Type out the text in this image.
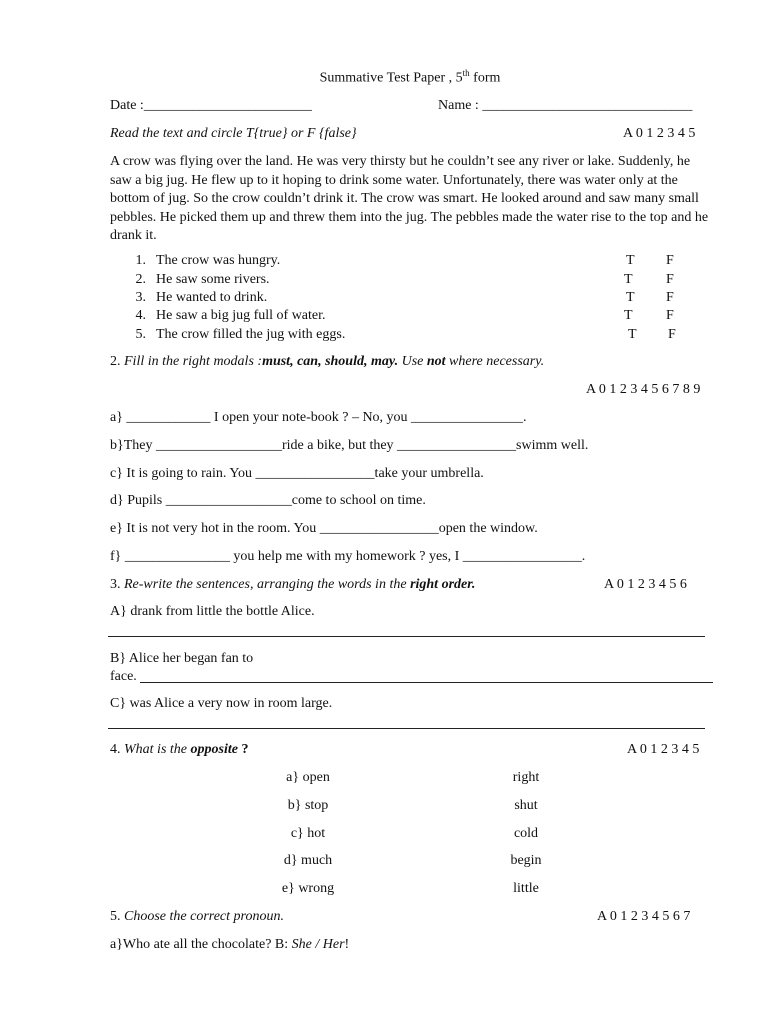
Summative Test Paper , 5th form
Date :________________________	Name : ______________________________
Read the text and circle T{true} or F {false}	A 0 1 2 3 4 5
A crow was flying over the land. He was very thirsty but he couldn’t see any river or lake. Suddenly, he saw a big jug. He flew up to it hoping to drink some water. Unfortunately, there was water only at the bottom of jug. So the crow couldn’t drink it. The crow was smart. He looked around and saw many small pebbles. He picked them up and threw them into the jug. The pebbles made the water rise to the top and he drank it.
1. The crow was hungry.	T F
2. He saw some rivers.	T F
3. He wanted to drink.	T F
4. He saw a big jug full of water.	T F
5. The crow filled the jug with eggs.	T F
2. Fill in the right modals :must, can, should, may. Use not where necessary.
A 0 1 2 3 4 5 6 7 8 9
a} ____________ I open your note-book ? – No, you ________________.
b}They __________________ride a bike, but they _________________swimm well.
c} It is going to rain. You _________________take your umbrella.
d} Pupils __________________come to school on time.
e} It is not very hot in the room. You _________________open the window.
f} _______________ you help me with my homework ? yes, I _________________.
3. Re-write the sentences, arranging the words in the right order.	A 0 1 2 3 4 5 6
A} drank from little the bottle Alice.
B} Alice her began fan to
face.
C} was Alice a very now in room large.
4. What is the opposite ?	A 0 1 2 3 4 5
a} open	right
b} stop	shut
c} hot	cold
d} much	begin
e} wrong	little
5. Choose the correct pronoun.	A 0 1 2 3 4 5 6 7
a}Who ate all the chocolate? B: She / Her!
